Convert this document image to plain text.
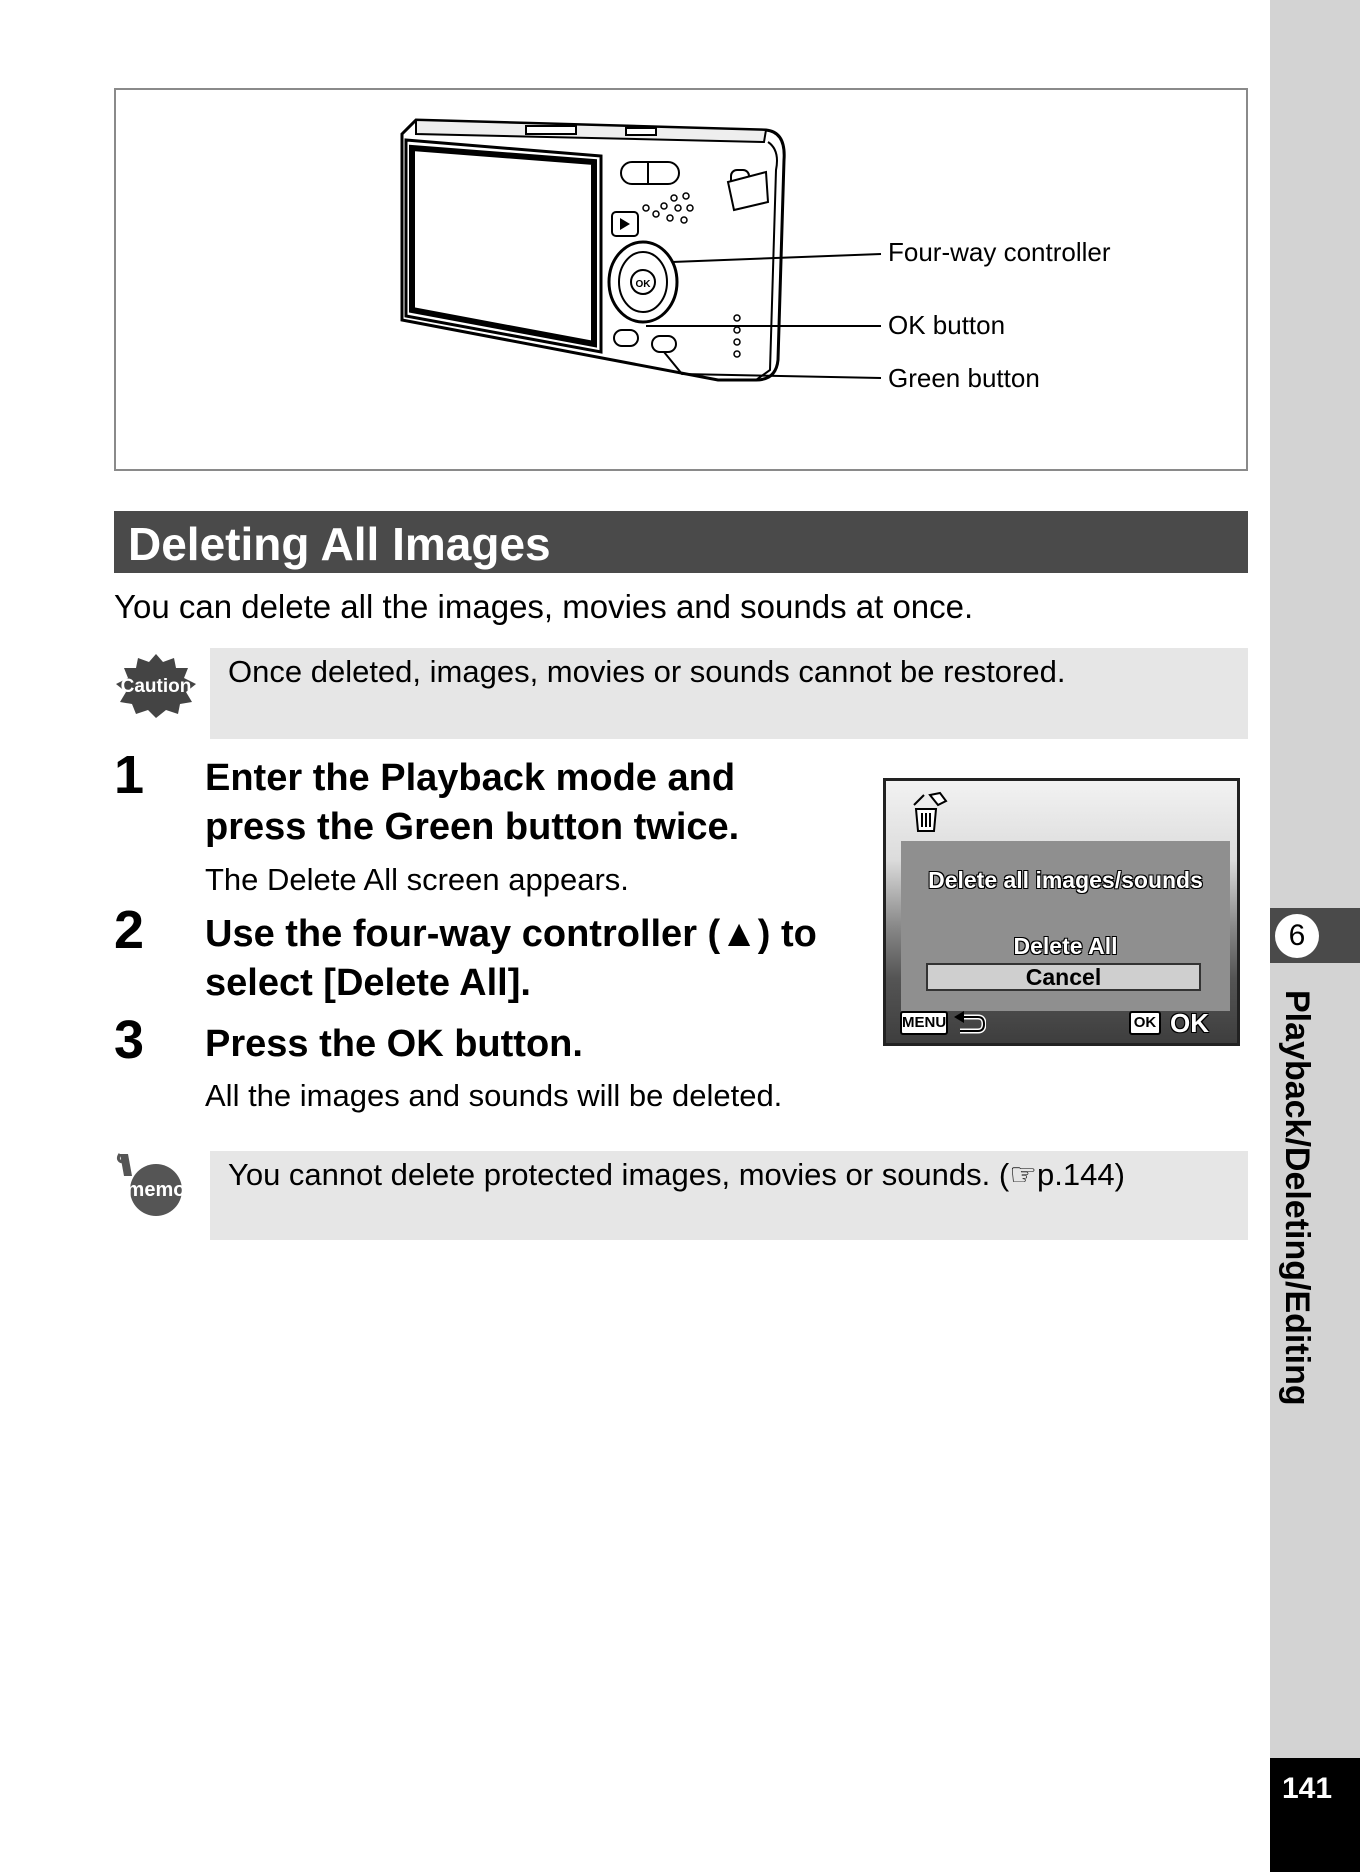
OK
Four-way controller
OK button
Green button
Deleting All Images
You can delete all the images, movies and sounds at once.
Caution Once deleted, images, movies or sounds cannot be restored.
1 Enter the Playback mode and
press the Green button twice.
The Delete All screen appears.
2 Use the four-way controller (▲) to
select [Delete All].
3 Press the OK button.
All the images and sounds will be deleted.
Delete all images/sounds
Delete All
Cancel
MENU	OK OK
memo You cannot delete protected images, movies or sounds. (☞p.144)
6
Playback/Deleting/Editing
141
